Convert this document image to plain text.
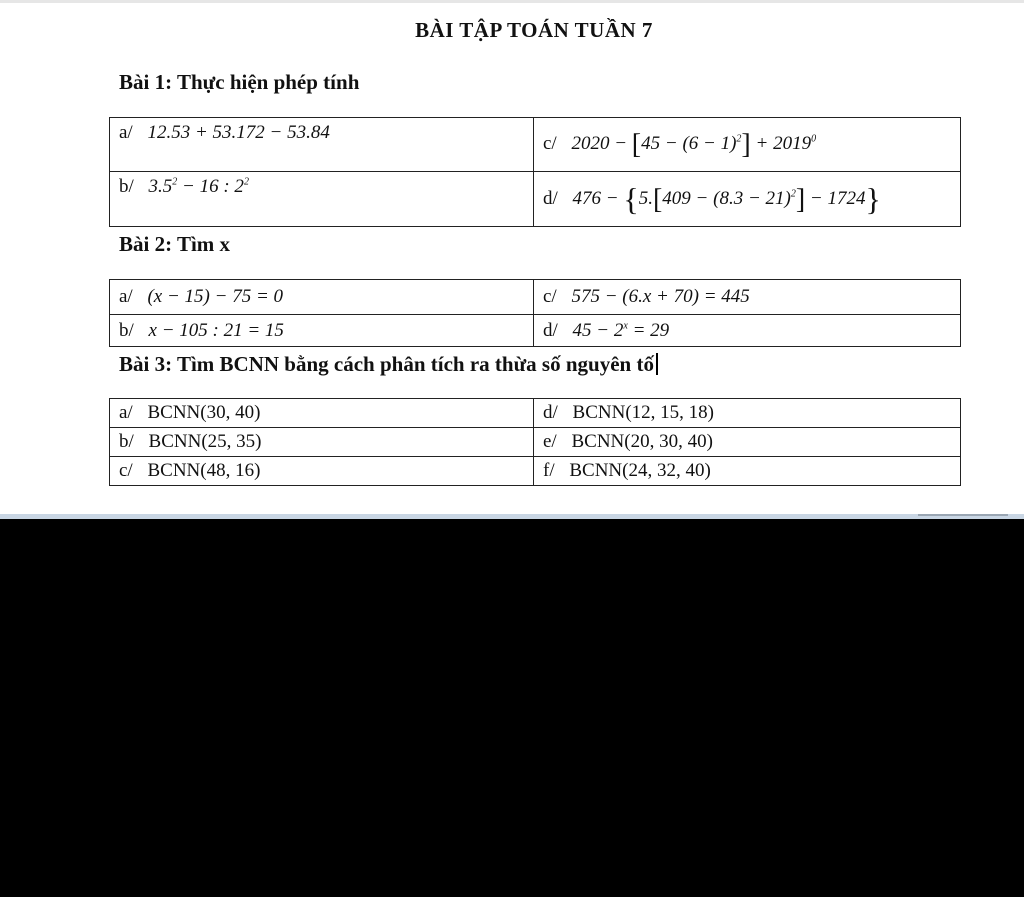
BÀI TẬP TOÁN TUẦN 7
Bài 1: Thực hiện phép tính
a/ 12.53 + 53.172 − 53.84	c/ $2020 - [45 - (6 - 1)^2] + 2019^0$
b/ $3.5^2 - 16$ : $2^2$	d/ $476 - \{5.[409 - (8.3 - 21)^2] - 1724\}$
Bài 2: Tìm x
a/ (x − 15) − 75 = 0	c/ 575 − (6.x + 70) = 445
b/ x − 105 : 21 = 15	d/ $45 - 2^x = 29$
Bài 3: Tìm BCNN bằng cách phân tích ra thừa số nguyên tố
a/ BCNN(30, 40)	d/ BCNN(12, 15, 18)
b/ BCNN(25, 35)	e/ BCNN(20, 30, 40)
c/ BCNN(48, 16)	f/ BCNN(24, 32, 40)
